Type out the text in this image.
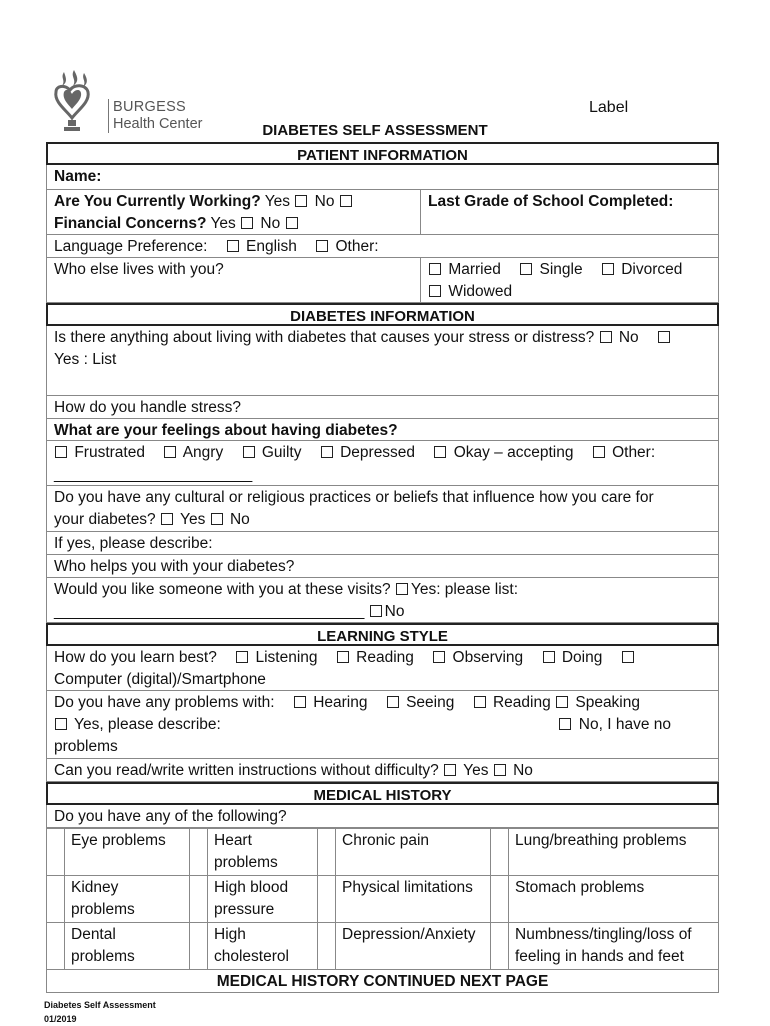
BURGESS
Health Center
Label
DIABETES SELF ASSESSMENT
PATIENT INFORMATION
Name:
Are You Currently Working? Yes No
Financial Concerns? Yes No
Last Grade of School Completed:
Language Preference: English Other:
Who else lives with you?	Married Single Divorced
Widowed
DIABETES INFORMATION
Is there anything about living with diabetes that causes your stress or distress? No
Yes : List
How do you handle stress?
What are your feelings about having diabetes?
Frustrated Angry Guilty Depressed Okay – accepting Other:
_______________________
Do you have any cultural or religious practices or beliefs that influence how you care for
your diabetes? Yes No
If yes, please describe:
Who helps you with your diabetes?
Would you like someone with you at these visits? Yes: please list:
____________________________________ No
LEARNING STYLE
How do you learn best? Listening Reading Observing Doing
Computer (digital)/Smartphone
Do you have any problems with: Hearing Seeing Reading Speaking
Yes, please describe:	No, I have no
problems
Can you read/write written instructions without difficulty? Yes No
MEDICAL HISTORY
Do you have any of the following?
	Eye problems		Heart problems		Chronic pain		Lung/breathing problems
	Kidney problems		High blood pressure		Physical limitations		Stomach problems
	Dental problems		High cholesterol		Depression/Anxiety		Numbness/tingling/loss of feeling in hands and feet
MEDICAL HISTORY CONTINUED NEXT PAGE
Diabetes Self Assessment
01/2019
